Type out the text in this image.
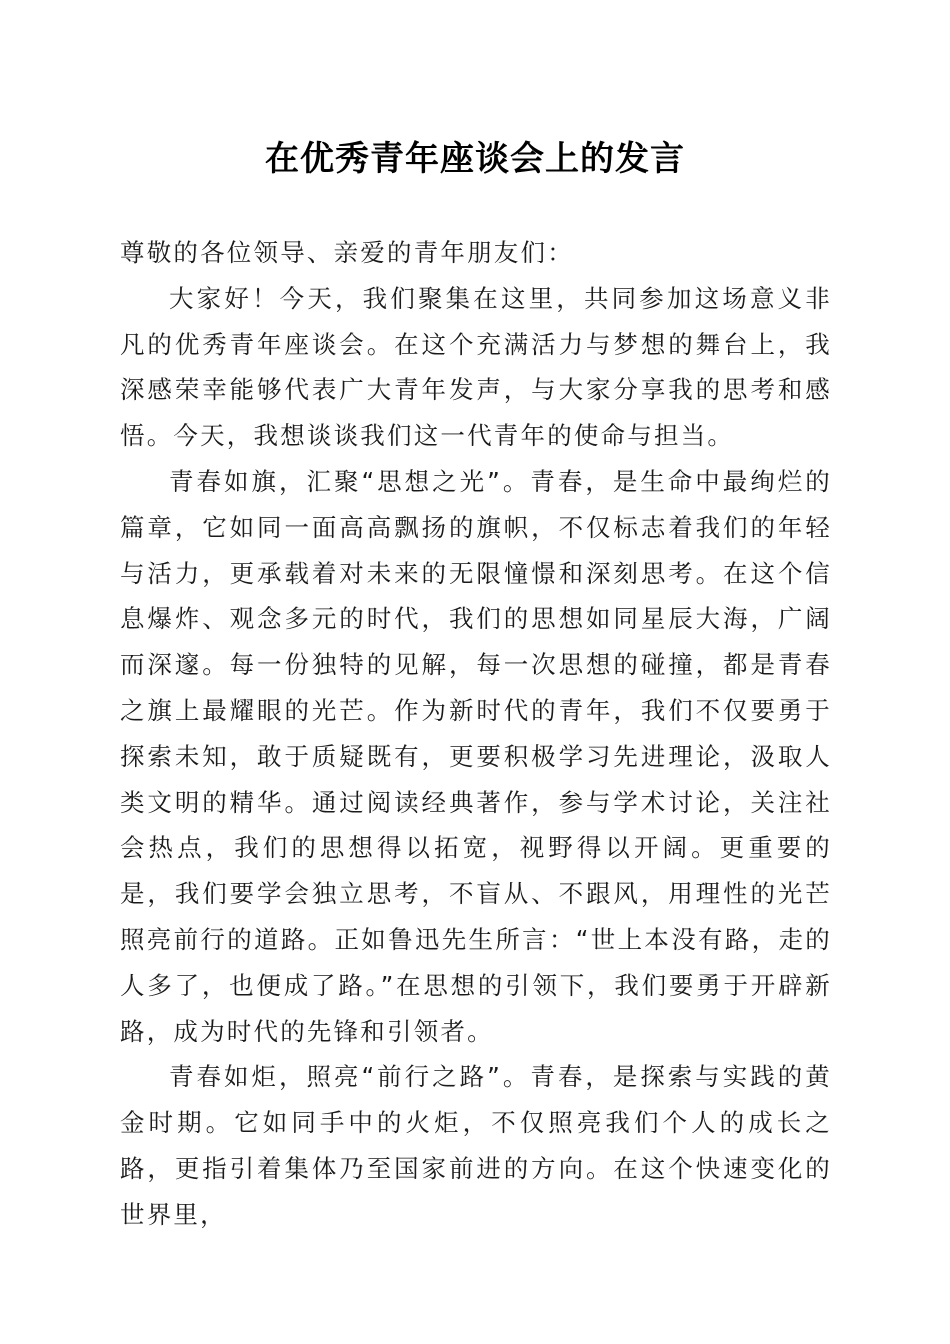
在优秀青年座谈会上的发言

尊敬的各位领导、亲爱的青年朋友们：

大家好！今天，我们聚集在这里，共同参加这场意义非凡的优秀青年座谈会。在这个充满活力与梦想的舞台上，我深感荣幸能够代表广大青年发声，与大家分享我的思考和感悟。今天，我想谈谈我们这一代青年的使命与担当。

青春如旗，汇聚“思想之光”。青春，是生命中最绚烂的篇章，它如同一面高高飘扬的旗帜，不仅标志着我们的年轻与活力，更承载着对未来的无限憧憬和深刻思考。在这个信息爆炸、观念多元的时代，我们的思想如同星辰大海，广阔而深邃。每一份独特的见解，每一次思想的碰撞，都是青春之旗上最耀眼的光芒。作为新时代的青年，我们不仅要勇于探索未知，敢于质疑既有，更要积极学习先进理论，汲取人类文明的精华。通过阅读经典著作，参与学术讨论，关注社会热点，我们的思想得以拓宽，视野得以开阔。更重要的是，我们要学会独立思考，不盲从、不跟风，用理性的光芒照亮前行的道路。正如鲁迅先生所言：“世上本没有路，走的人多了，也便成了路。”在思想的引领下，我们要勇于开辟新路，成为时代的先锋和引领者。

青春如炬，照亮“前行之路”。青春，是探索与实践的黄金时期。它如同手中的火炬，不仅照亮我们个人的成长之路，更指引着集体乃至国家前进的方向。在这个快速变化的世界里，
